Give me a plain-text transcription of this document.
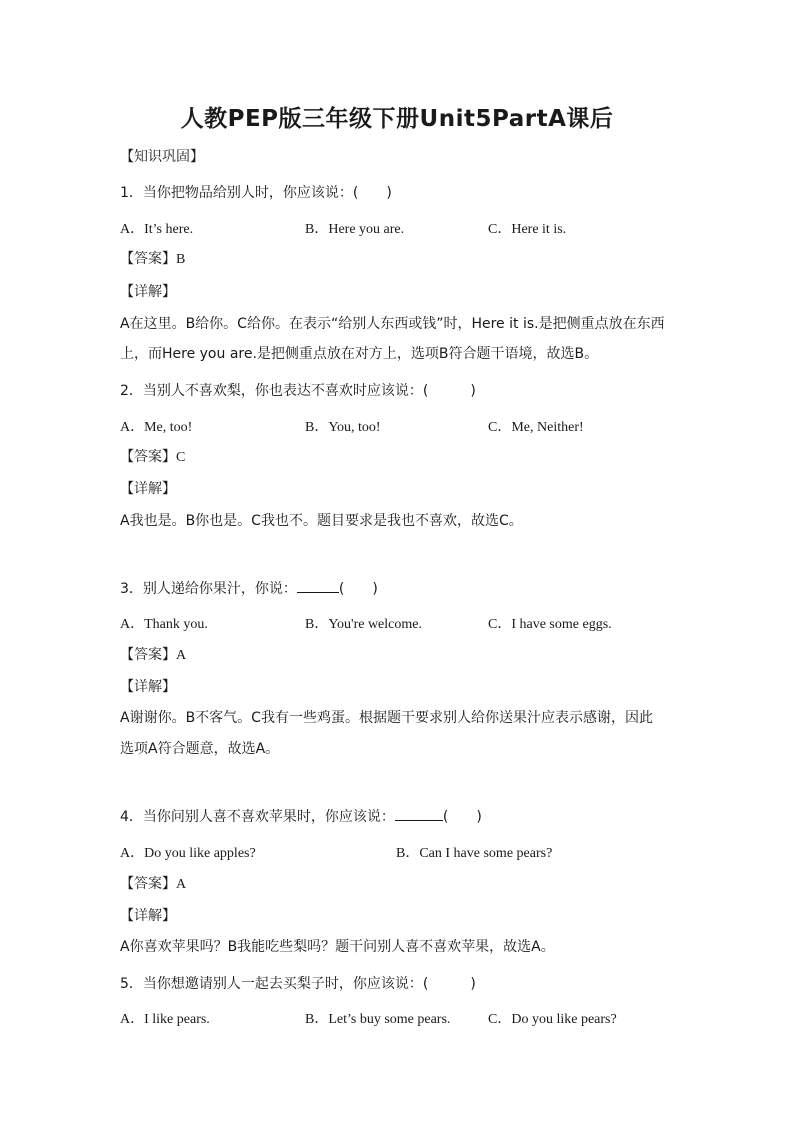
人教PEP版三年级下册Unit5PartA课后
【知识巩固】
1．当你把物品给别人时，你应该说：(　　)
A．It’s here.	B．Here you are.	C．Here it is.
【答案】B
【详解】
A在这里。B给你。C给你。在表示“给别人东西或钱”时，Here it is.是把侧重点放在东西
上，而Here you are.是把侧重点放在对方上，选项B符合题干语境，故选B。
2．当别人不喜欢梨，你也表达不喜欢时应该说：(　　　)
A．Me, too!	B．You, too!	C．Me, Neither!
【答案】C
【详解】
A我也是。B你也是。C我也不。题目要求是我也不喜欢，故选C。
3．别人递给你果汁，你说：	(　　)
A．Thank you.	B．You're welcome.	C．I have some eggs.
【答案】A
【详解】
A谢谢你。B不客气。C我有一些鸡蛋。根据题干要求别人给你送果汁应表示感谢，因此
选项A符合题意，故选A。
4．当你问别人喜不喜欢苹果时，你应该说：	(　　)
A．Do you like apples?	B．Can I have some pears?
【答案】A
【详解】
A你喜欢苹果吗？B我能吃些梨吗？题干问别人喜不喜欢苹果，故选A。
5．当你想邀请别人一起去买梨子时，你应该说：(　　　)
A．I like pears.	B．Let’s buy some pears.	C．Do you like pears?
